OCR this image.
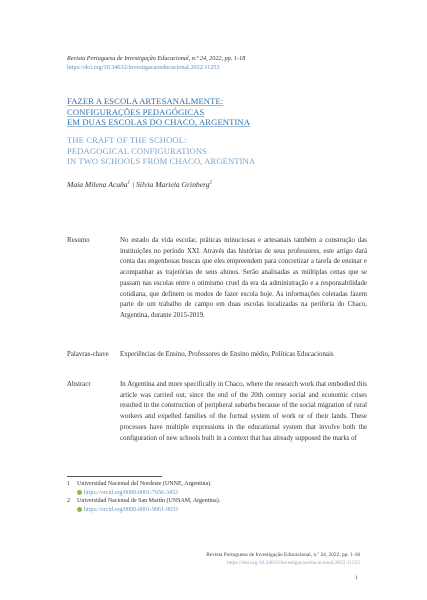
Revista Portuguesa de Investigação Educacional, n.º 24, 2022, pp. 1-18
https://doi.org/10.34632/investigacaoeducacional.2022.11253
FAZER A ESCOLA ARTESANALMENTE:
CONFIGURAÇÕES PEDAGÓGICAS
EM DUAS ESCOLAS DO CHACO, ARGENTINA
THE CRAFT OF THE SCHOOL:
PEDAGOGICAL CONFIGURATIONS
IN TWO SCHOOLS FROM CHACO, ARGENTINA
Maia Milena Acuña$^1$ | Silvia Mariela Grinberg$^2$
Resumo	No estado da vida escolar, práticas minuciosas e artesanais também a construção das instituições no período XXI. Através das histórias de seus professores, este artigo dará conta das engenhosas buscas que eles empreendem para concretizar a tarefa de ensinar e acompanhar as trajetórias de seus alunos. Serão analisadas as múltiplas cenas que se passam nas escolas entre o otimismo cruel da era da administração e a responsabilidade cotidiana, que definem os modos de fazer escola hoje. As informações coletadas fazem parte de um trabalho de campo em duas escolas localizadas na periferia do Chaco, Argentina, durante 2015-2019.
Palavras-chave	Experiências de Ensino, Professores de Ensino médio, Políticas Educacionais
Abstract	In Argentina and more specifically in Chaco, where the research work that embodied this article was carried out, since the end of the 20th century social and economic crises resulted in the construction of peripheral suburbs because of the social migration of rural workers and expelled families of the formal system of work or of their lands. These processes have multiple expressions in the educational system that involve both the configuration of new schools built in a context that has already supposed the marks of
1 Universidad Nacional del Nordeste (UNNE, Argentina).
https://orcid.org/0000-0001-7656-3453
2 Universidad Nacional de San Martín (UNSAM, Argentina).
https://orcid.org/0000-0001-9061-9033
Revista Portuguesa de Investigação Educacional, n.º 24, 2022, pp. 1-18
https://doi.org/10.34632/investigacaoeducacional.2022.11253
1
